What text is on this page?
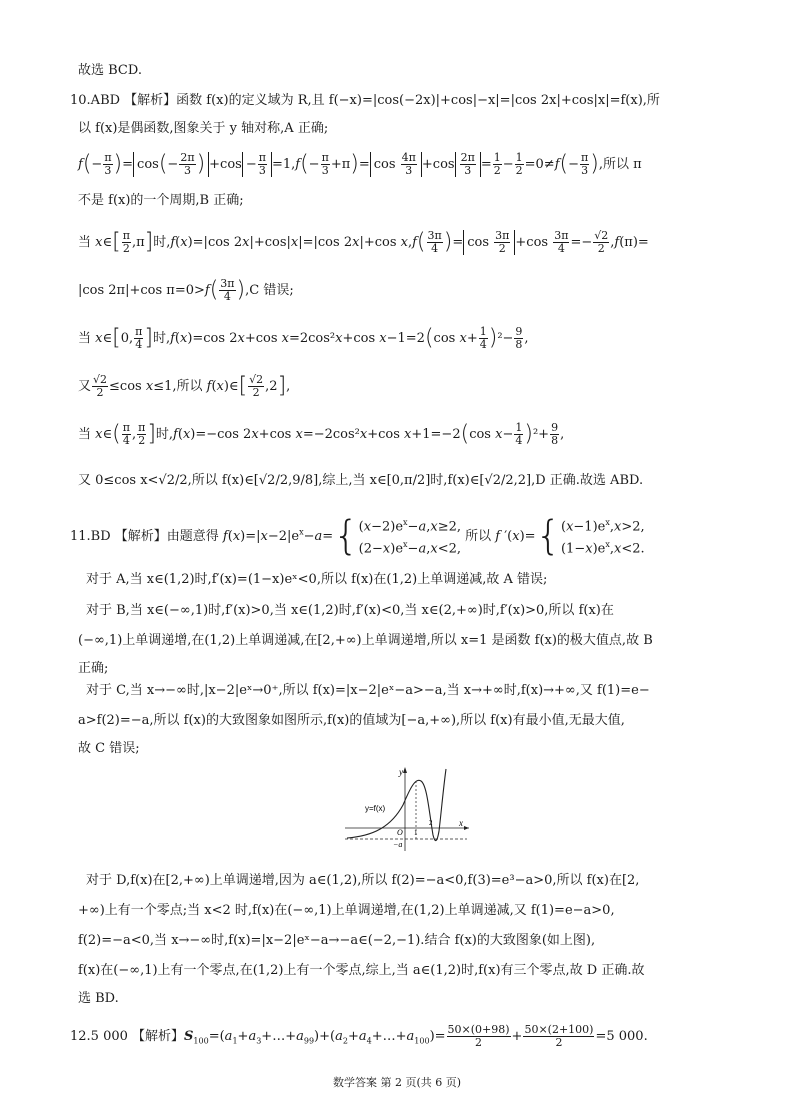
故选 BCD.
10.ABD 【解析】函数 f(x)的定义域为 R,且 f(−x)=|cos(−2x)|+cos|−x|=|cos 2x|+cos|x|=f(x),所
以 f(x)是偶函数,图象关于 y 轴对称,A 正确;
$f(- \frac{\pi}{3}$ )= $\cos(- \frac{2\pi}{3}$ ) $+\cos - \frac{\pi}{3} =1,f(- \frac{\pi}{3} +\pi)= \cos \frac{4\pi}{3} +\cos \frac{2\pi}{3} = \frac{1}{2} - \frac{1}{2} =0\ne f(- \frac{\pi}{3}$ ),所以 π
不是 f(x)的一个周期,B 正确;
当 x∈[ $\frac{\pi}{2} ,\pi$]时,f(x)=|cos 2x|+cos|x|=|cos 2x|+cos $x,f( \frac{3\pi}{4}$ )= $\cos \frac{3\pi}{2} +\cos \frac{3\pi}{4} =- \frac{√2}{2} ,f(\pi)=$
|cos 2π|+cos $\pi=0>f( \frac{3\pi}{4} ),C$ 错误;
当 x∈[0, $\frac{\pi}{4}$ ]时,f(x)=cos 2x+cos x=2cos²x+cos x−1=2(cos $x+ \frac{1}{4} )^2- \frac{9}{8}$ ,
又 $\frac{√2}{2} \le\cos$ x≤1,所以 f(x)∈[ $\frac{√2}{2} ,2$],
当 x∈( $\frac{\pi}{4}$ , $\frac{\pi}{2}$ ]时,f(x)=−cos 2x+cos x=−2cos²x+cos x+1=−2(cos $x- \frac{1}{4} )^2+ \frac{9}{8}$ ,
又 0≤cos x<√2/2,所以 f(x)∈[√2/2,9/8],综上,当 x∈[0,π/2]时,f(x)∈[√2/2,2],D 正确.故选 ABD.
11.BD 【解析】由题意得 $f(x)=|x-2|e^x-a=\{(x-2)e^x-a,x\ge 2$,
$(2-x)e^x-a,x<2$, 所以 f $'(x)=\{(x-1)e^x,x>2$,
$(1-x)e^x,x<2$.
对于 A,当 x∈(1,2)时,f′(x)=(1−x)eˣ<0,所以 f(x)在(1,2)上单调递减,故 A 错误;
对于 B,当 x∈(−∞,1)时,f′(x)>0,当 x∈(1,2)时,f′(x)<0,当 x∈(2,+∞)时,f′(x)>0,所以 f(x)在
(−∞,1)上单调递增,在(1,2)上单调递减,在[2,+∞)上单调递增,所以 x=1 是函数 f(x)的极大值点,故 B
正确;
对于 C,当 x→−∞时,|x−2|eˣ→0⁺,所以 f(x)=|x−2|eˣ−a>−a,当 x→+∞时,f(x)→+∞,又 f(1)=e−
a>f(2)=−a,所以 f(x)的大致图象如图所示,f(x)的值域为[−a,+∞),所以 f(x)有最小值,无最大值,
故 C 错误;
y
x
O
y=f(x)
1
2
−a
对于 D,f(x)在[2,+∞)上单调递增,因为 a∈(1,2),所以 f(2)=−a<0,f(3)=e³−a>0,所以 f(x)在[2,
+∞)上有一个零点;当 x<2 时,f(x)在(−∞,1)上单调递增,在(1,2)上单调递减,又 f(1)=e−a>0,
f(2)=−a<0,当 x→−∞时,f(x)=|x−2|eˣ−a→−a∈(−2,−1).结合 f(x)的大致图象(如上图),
f(x)在(−∞,1)上有一个零点,在(1,2)上有一个零点,综上,当 a∈(1,2)时,f(x)有三个零点,故 D 正确.故
选 BD.
12.5 000 【解析】$S_{100}=(a_1+a_3+\dots+a_{99})+(a_2+a_4+\dots+a_{100})= \frac{50\times(0+98)}{2} + \frac{50\times(2+100)}{2} =5$ 000.
数学答案 第 2 页(共 6 页)
